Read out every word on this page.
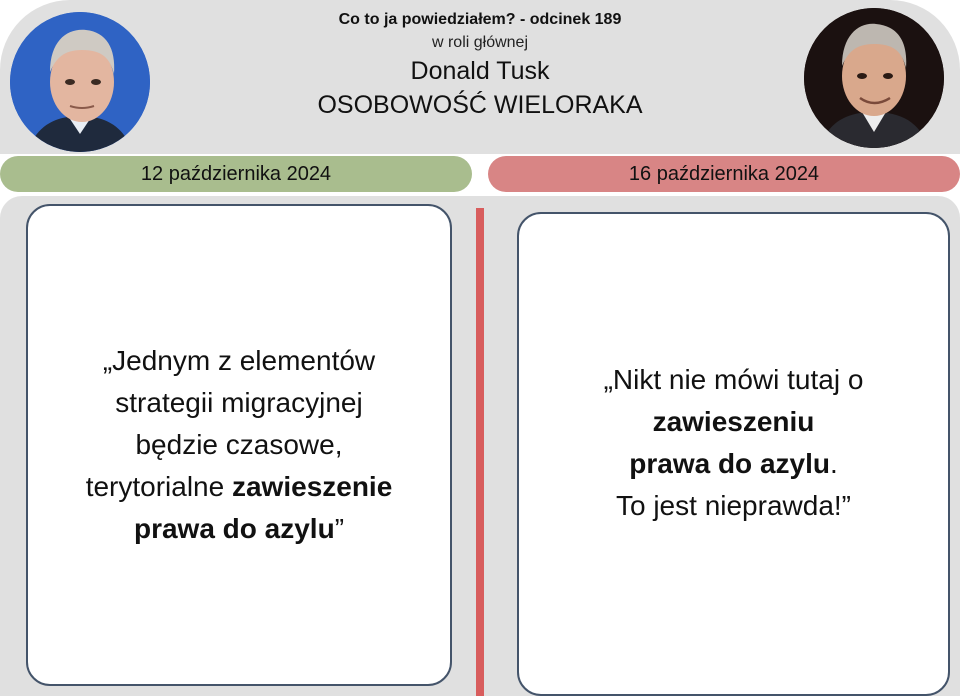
Co to ja powiedziałem? - odcinek 189
w roli głównej
Donald Tusk
OSOBOWOŚĆ WIELORAKA
12 października 2024	16 października 2024
„Jednym z elementów
strategii migracyjnej
będzie czasowe,
terytorialne zawieszenie
prawa do azylu”
„Nikt nie mówi tutaj o
zawieszeniu
prawa do azylu.
To jest nieprawda!”
